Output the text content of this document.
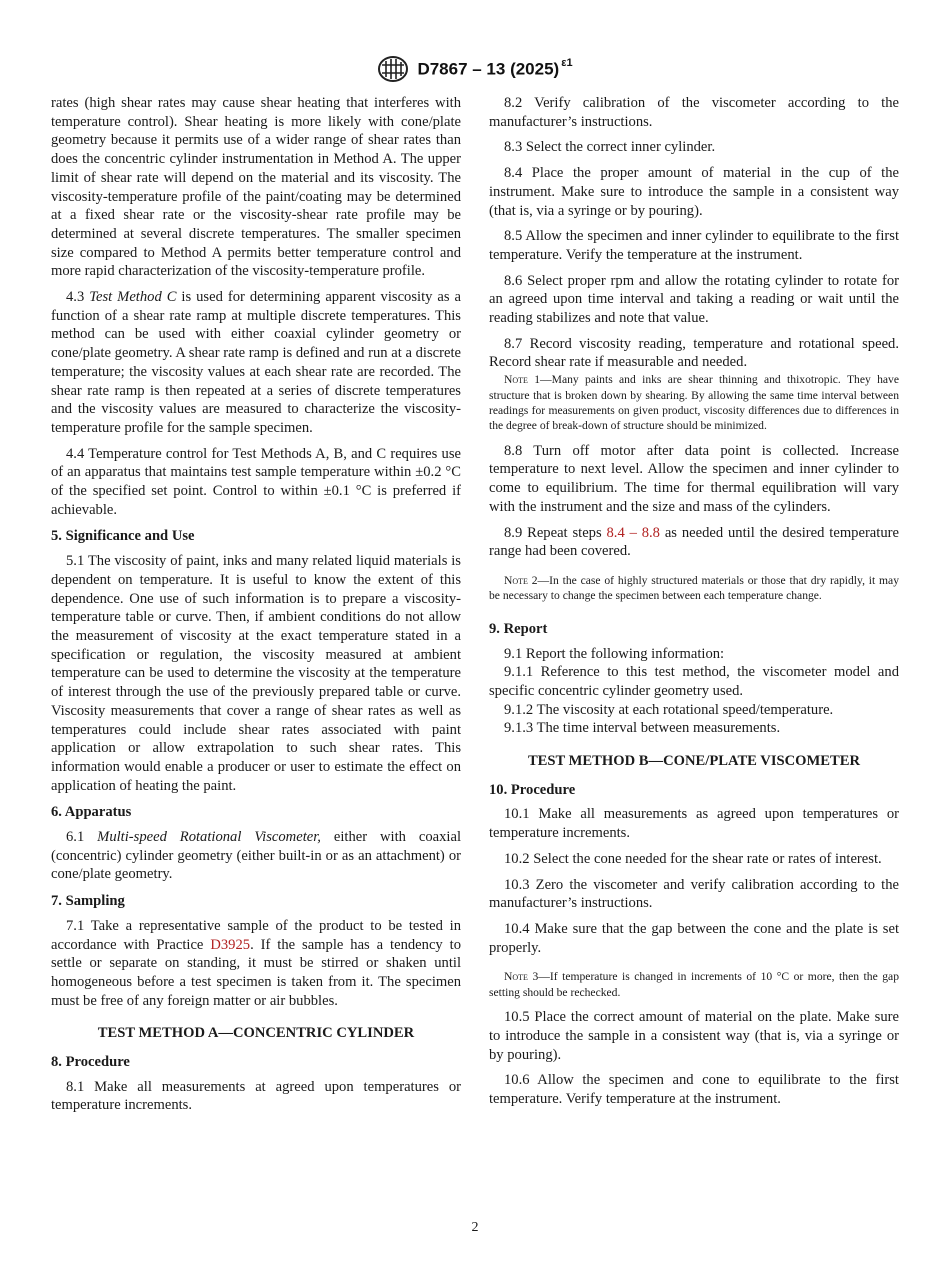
D7867 – 13 (2025) $^{\varepsilon 1}$

rates (high shear rates may cause shear heating that interferes with temperature control). Shear heating is more likely with cone/plate geometry because it permits use of a wider range of shear rates than does the concentric cylinder instrumentation in Method A. The upper limit of shear rate will depend on the material and its viscosity. The viscosity-temperature profile of the paint/coating may be determined at a fixed shear rate or the viscosity-shear rate profile may be determined at several discrete temperatures. The smaller specimen size compared to Method A permits better temperature control and more rapid characterization of the viscosity-temperature profile.

4.3 Test Method C is used for determining apparent viscosity as a function of a shear rate ramp at multiple discrete temperatures. This method can be used with either coaxial cylinder geometry or cone/plate geometry. A shear rate ramp is defined and run at a discrete temperature; the viscosity values at each shear rate are recorded. The shear rate ramp is then repeated at a series of discrete temperatures and the viscosity values are measured to characterize the viscosity-temperature profile for the sample specimen.

4.4 Temperature control for Test Methods A, B, and C requires use of an apparatus that maintains test sample temperature within ±0.2 °C of the specified set point. Control to within ±0.1 °C is preferred if achievable.

5. Significance and Use

5.1 The viscosity of paint, inks and many related liquid materials is dependent on temperature. It is useful to know the extent of this dependence. One use of such information is to prepare a viscosity-temperature table or curve. Then, if ambient conditions do not allow the measurement of viscosity at the exact temperature stated in a specification or regulation, the viscosity measured at ambient temperature can be used to determine the viscosity at the temperature of interest through the use of the previously prepared table or curve. Viscosity measurements that cover a range of shear rates as well as temperatures could include shear rates associated with paint application or allow extrapolation to such shear rates. This information would enable a producer or user to estimate the effect on application of heating the paint.

6. Apparatus

6.1 Multi-speed Rotational Viscometer, either with coaxial (concentric) cylinder geometry (either built-in or as an attachment) or cone/plate geometry.

7. Sampling

7.1 Take a representative sample of the product to be tested in accordance with Practice D3925. If the sample has a tendency to settle or separate on standing, it must be stirred or shaken until homogeneous before a test specimen is taken from it. The specimen must be free of any foreign matter or air bubbles.

TEST METHOD A—CONCENTRIC CYLINDER

8. Procedure

8.1 Make all measurements at agreed upon temperatures or temperature increments.

8.2 Verify calibration of the viscometer according to the manufacturer’s instructions.

8.3 Select the correct inner cylinder.

8.4 Place the proper amount of material in the cup of the instrument. Make sure to introduce the sample in a consistent way (that is, via a syringe or by pouring).

8.5 Allow the specimen and inner cylinder to equilibrate to the first temperature. Verify the temperature at the instrument.

8.6 Select proper rpm and allow the rotating cylinder to rotate for an agreed upon time interval and taking a reading or wait until the reading stabilizes and note that value.

8.7 Record viscosity reading, temperature and rotational speed. Record shear rate if measurable and needed.

Note 1—Many paints and inks are shear thinning and thixotropic. They have structure that is broken down by shearing. By allowing the same time interval between readings for measurements on given product, viscosity differences due to differences in the degree of break-down of structure should be minimized.

8.8 Turn off motor after data point is collected. Increase temperature to next level. Allow the specimen and inner cylinder to come to equilibrium. The time for thermal equilibration will vary with the instrument and the size and mass of the cylinders.

8.9 Repeat steps 8.4 – 8.8 as needed until the desired temperature range had been covered.

Note 2—In the case of highly structured materials or those that dry rapidly, it may be necessary to change the specimen between each temperature change.

9. Report

9.1 Report the following information:

9.1.1 Reference to this test method, the viscometer model and specific concentric cylinder geometry used.

9.1.2 The viscosity at each rotational speed/temperature.

9.1.3 The time interval between measurements.

TEST METHOD B—CONE/PLATE VISCOMETER

10. Procedure

10.1 Make all measurements as agreed upon temperatures or temperature increments.

10.2 Select the cone needed for the shear rate or rates of interest.

10.3 Zero the viscometer and verify calibration according to the manufacturer’s instructions.

10.4 Make sure that the gap between the cone and the plate is set properly.

Note 3—If temperature is changed in increments of 10 °C or more, then the gap setting should be rechecked.

10.5 Place the correct amount of material on the plate. Make sure to introduce the sample in a consistent way (that is, via a syringe or by pouring).

10.6 Allow the specimen and cone to equilibrate to the first temperature. Verify temperature at the instrument.

2
